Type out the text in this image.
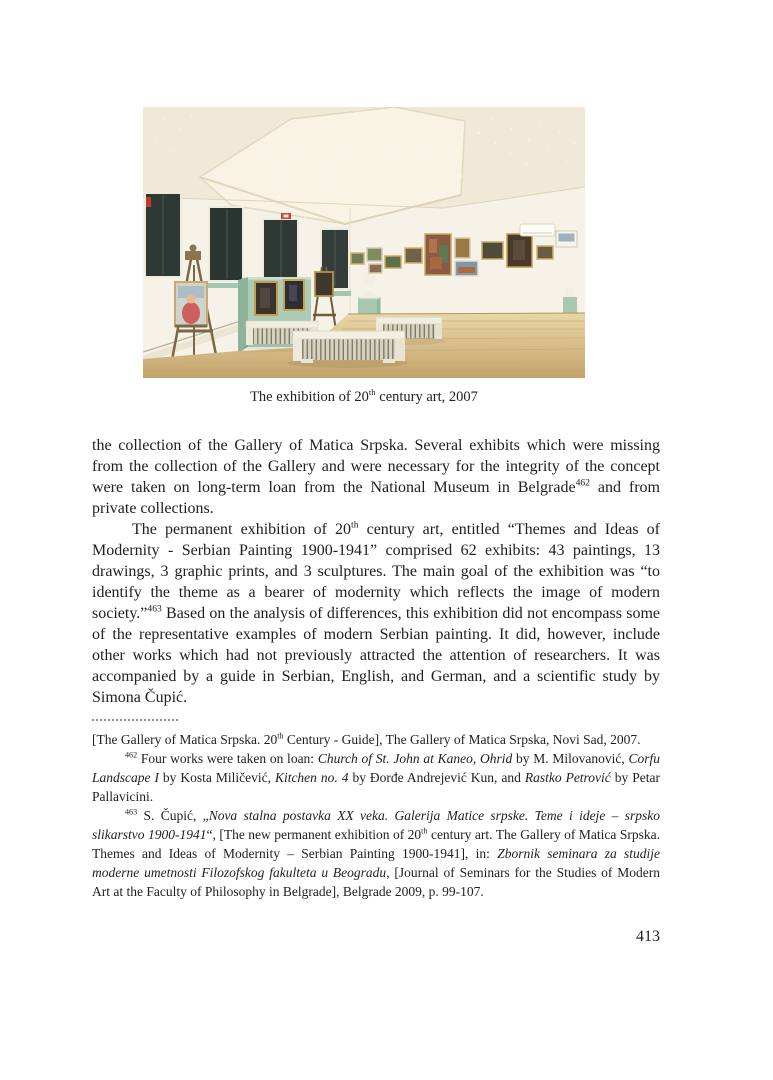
The exhibition of 20th century art, 2007

the collection of the Gallery of Matica Srpska. Several exhibits which were missing from the collection of the Gallery and were necessary for the integrity of the concept were taken on long-term loan from the National Museum in Belgrade$^{462}$ and from private collections.

The permanent exhibition of 20th century art, entitled “Themes and Ideas of Modernity - Serbian Painting 1900-1941” comprised 62 exhibits: 43 paintings, 13 drawings, 3 graphic prints, and 3 sculptures. The main goal of the exhibition was “to identify the theme as a bearer of modernity which reflects the image of modern society.”$^{463}$ Based on the analysis of differences, this exhibition did not encompass some of the representative examples of modern Serbian painting. It did, however, include other works which had not previously attracted the attention of researchers. It was accompanied by a guide in Serbian, English, and German, and a scientific study by Simona Čupić.

[The Gallery of Matica Srpska. 20th Century - Guide], The Gallery of Matica Srpska, Novi Sad, 2007.

$^{462}$ Four works were taken on loan: Church of St. John at Kaneo, Ohrid by M. Milovanović, Corfu Landscape I by Kosta Miličević, Kitchen no. 4 by Đorđe Andrejević Kun, and Rastko Petrović by Petar Pallavicini.

$^{463}$ S. Čupić, „Nova stalna postavka XX veka. Galerija Matice srpske. Teme i ideje – srpsko slikarstvo 1900-1941“, [The new permanent exhibition of 20th century art. The Gallery of Matica Srpska. Themes and Ideas of Modernity – Serbian Painting 1900-1941], in: Zbornik seminara za studije moderne umetnosti Filozofskog fakulteta u Beogradu, [Journal of Seminars for the Studies of Modern Art at the Faculty of Philosophy in Belgrade], Belgrade 2009, p. 99-107.

413
